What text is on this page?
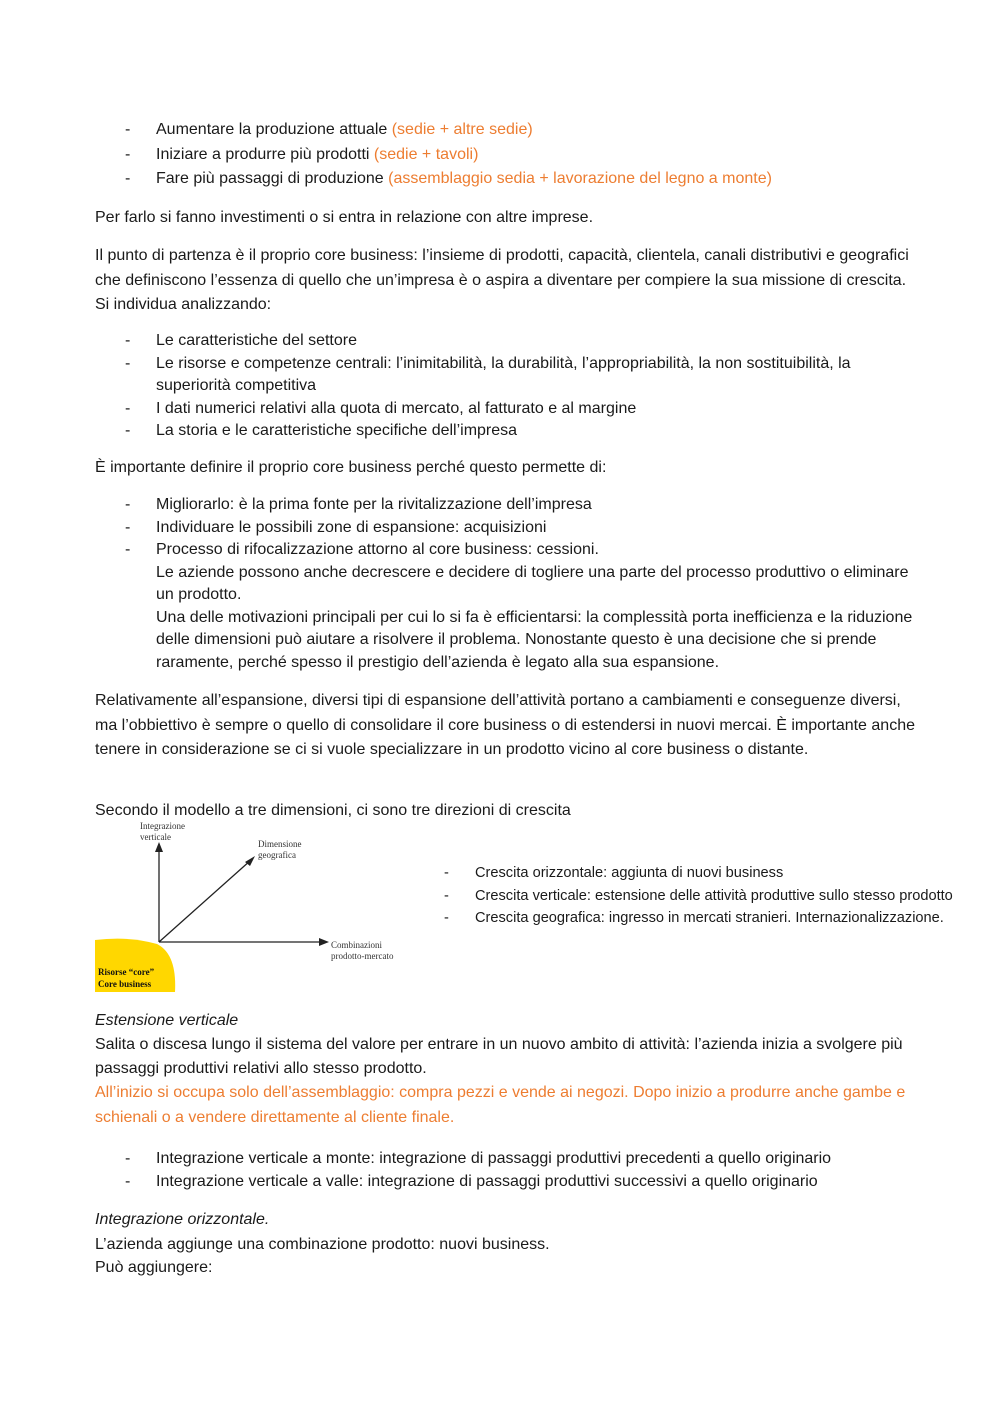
- Aumentare la produzione attuale (sedie + altre sedie)
- Iniziare a produrre più prodotti (sedie + tavoli)
- Fare più passaggi di produzione (assemblaggio sedia + lavorazione del legno a monte)
Per farlo si fanno investimenti o si entra in relazione con altre imprese.
Il punto di partenza è il proprio core business: l’insieme di prodotti, capacità, clientela, canali distributivi e geografici che definiscono l’essenza di quello che un’impresa è o aspira a diventare per compiere la sua missione di crescita. Si individua analizzando:
- Le caratteristiche del settore
- Le risorse e competenze centrali: l’inimitabilità, la durabilità, l’appropriabilità, la non sostituibilità, la superiorità competitiva
- I dati numerici relativi alla quota di mercato, al fatturato e al margine
- La storia e le caratteristiche specifiche dell’impresa
È importante definire il proprio core business perché questo permette di:
- Migliorarlo: è la prima fonte per la rivitalizzazione dell’impresa
- Individuare le possibili zone di espansione: acquisizioni
- Processo di rifocalizzazione attorno al core business: cessioni.
Le aziende possono anche decrescere e decidere di togliere una parte del processo produttivo o eliminare un prodotto.
Una delle motivazioni principali per cui lo si fa è efficientarsi: la complessità porta inefficienza e la riduzione delle dimensioni può aiutare a risolvere il problema. Nonostante questo è una decisione che si prende raramente, perché spesso il prestigio dell’azienda è legato alla sua espansione.
Relativamente all’espansione, diversi tipi di espansione dell’attività portano a cambiamenti e conseguenze diversi, ma l’obbiettivo è sempre o quello di consolidare il core business o di estendersi in nuovi mercai. È importante anche tenere in considerazione se ci si vuole specializzare in un prodotto vicino al core business o distante.
Secondo il modello a tre dimensioni, ci sono tre direzioni di crescita
Integrazione
verticale
Dimensione
geografica
Combinazioni
prodotto-mercato
Risorse “core”
Core business
- Crescita orizzontale: aggiunta di nuovi business
- Crescita verticale: estensione delle attività produttive sullo stesso prodotto
- Crescita geografica: ingresso in mercati stranieri. Internazionalizzazione.
Estensione verticale
Salita o discesa lungo il sistema del valore per entrare in un nuovo ambito di attività: l’azienda inizia a svolgere più passaggi produttivi relativi allo stesso prodotto.
All’inizio si occupa solo dell’assemblaggio: compra pezzi e vende ai negozi. Dopo inizio a produrre anche gambe e schienali o a vendere direttamente al cliente finale.
- Integrazione verticale a monte: integrazione di passaggi produttivi precedenti a quello originario
- Integrazione verticale a valle: integrazione di passaggi produttivi successivi a quello originario
Integrazione orizzontale.
L’azienda aggiunge una combinazione prodotto: nuovi business.
Può aggiungere:
